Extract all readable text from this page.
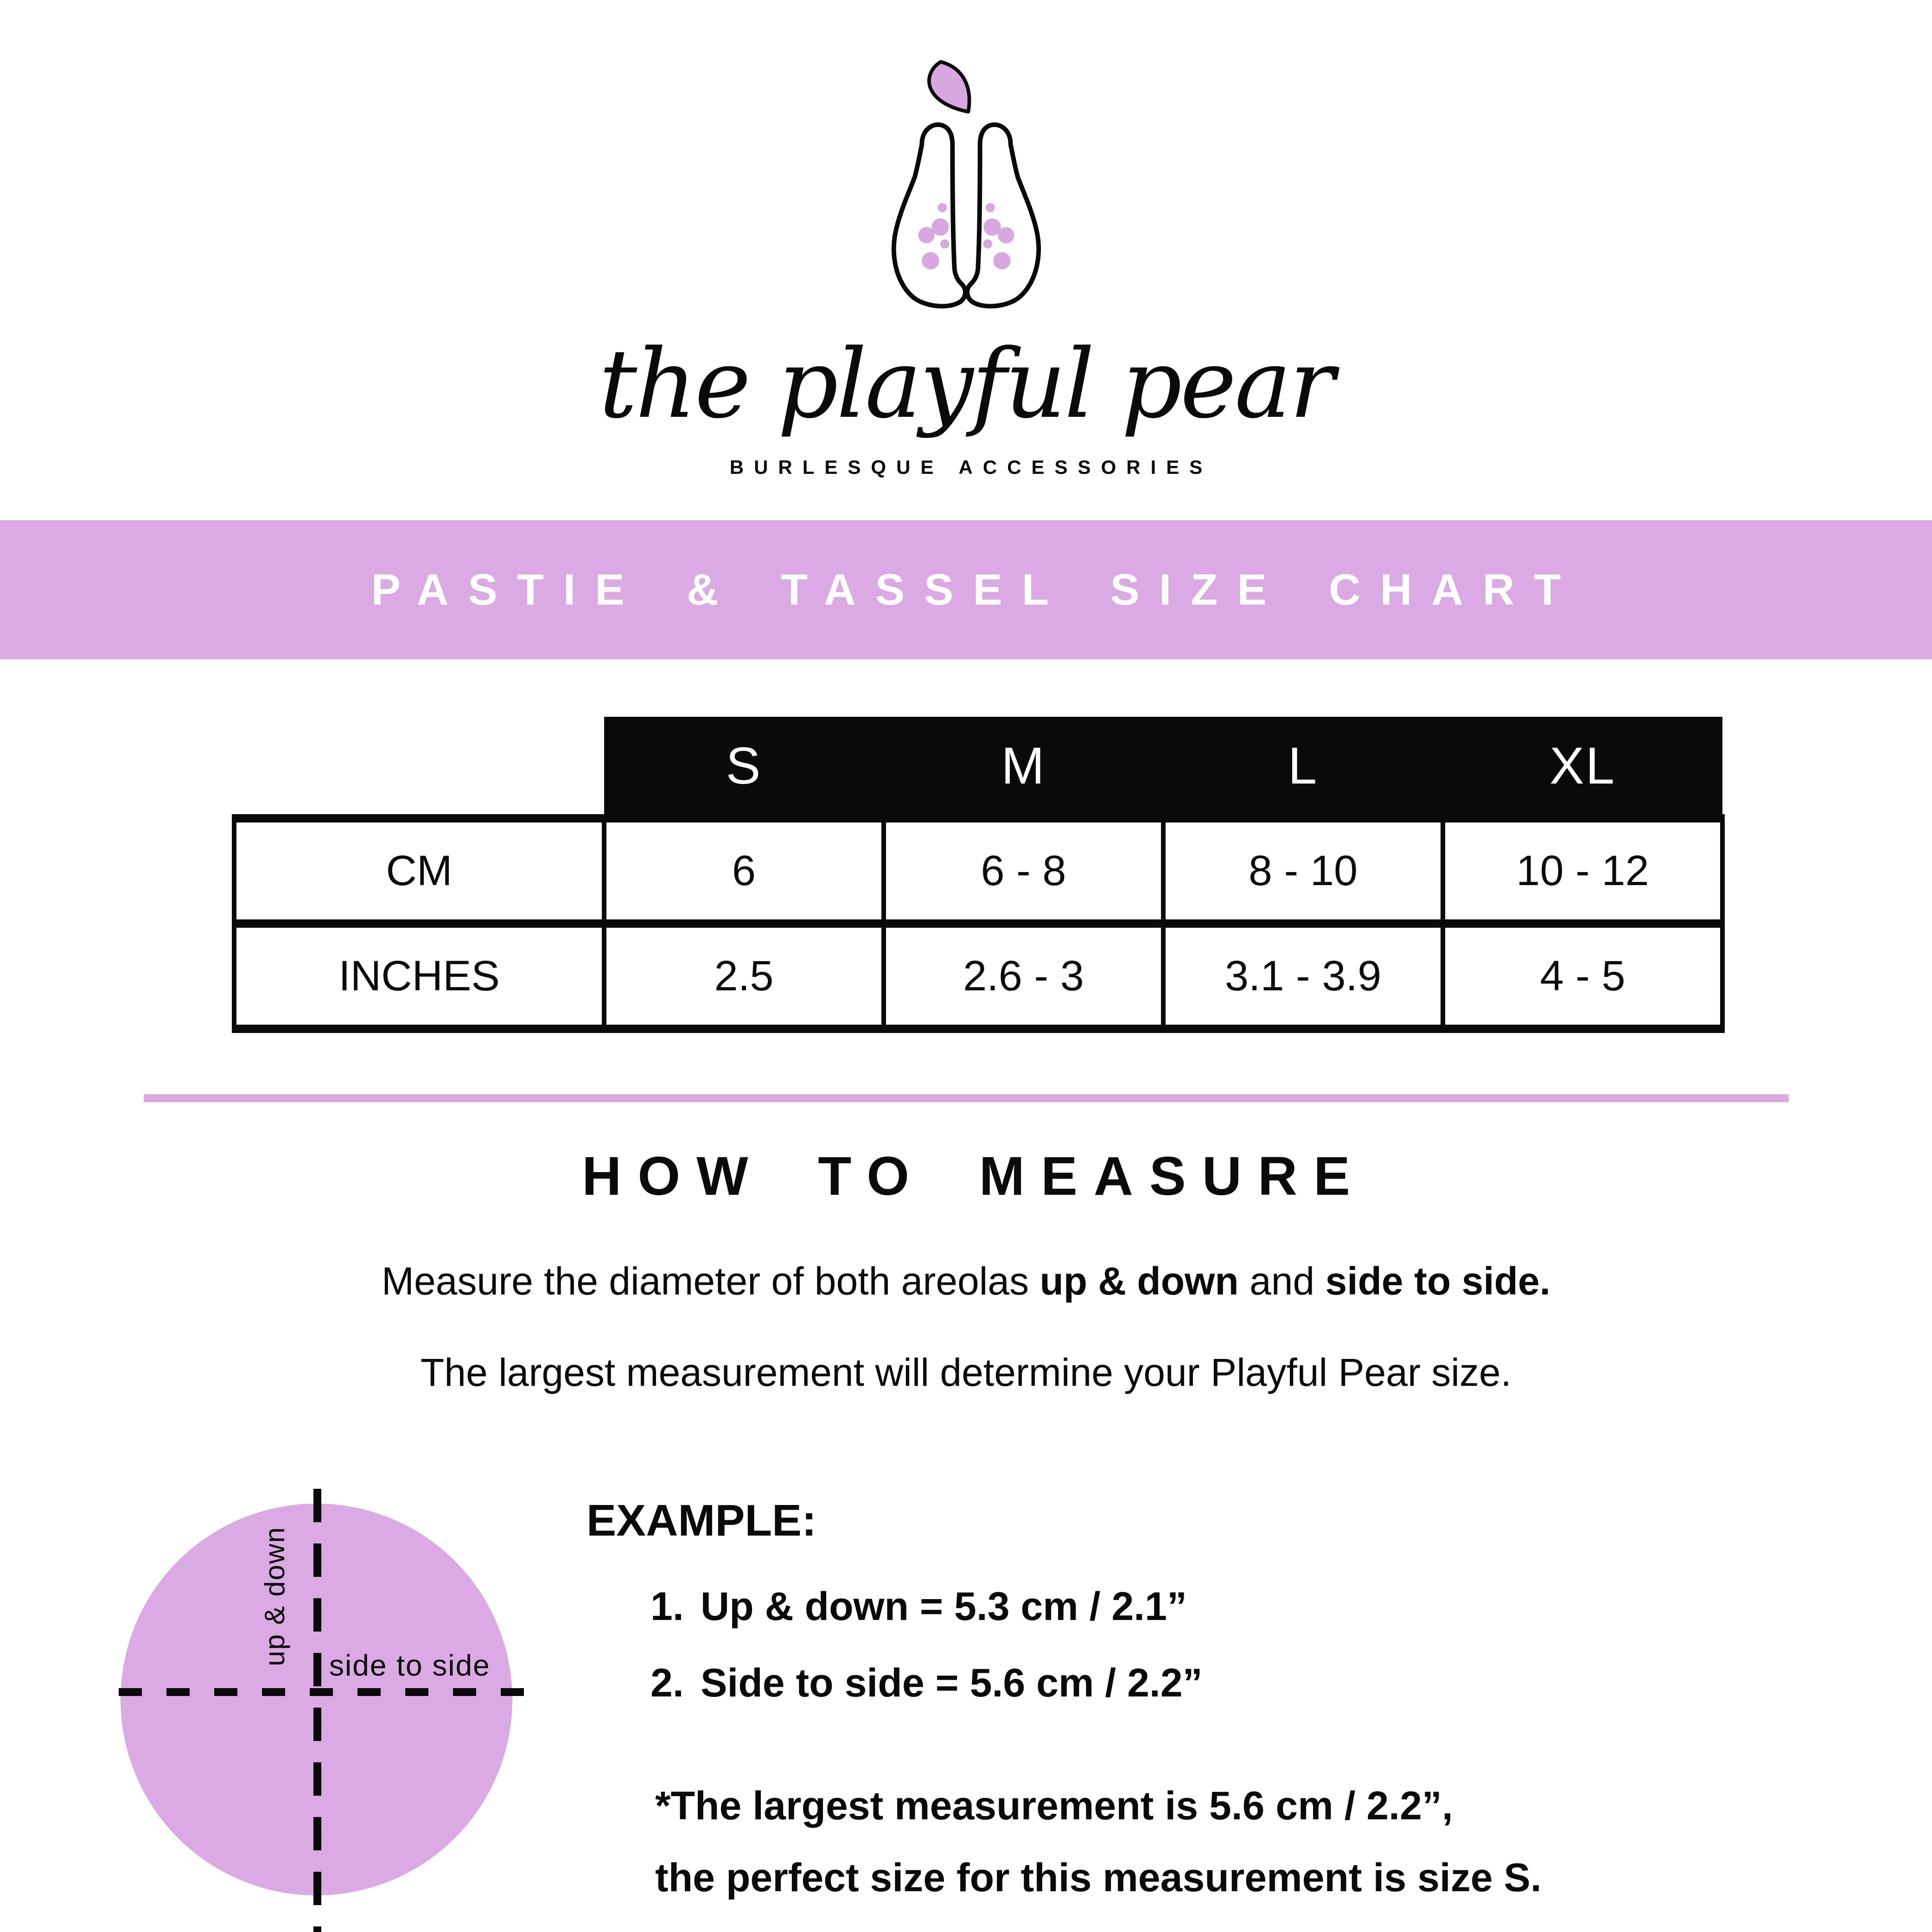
the playful pear
BURLESQUE ACCESSORIES
PASTIE & TASSEL SIZE CHART
	S	M	L	XL
CM	6	6 - 8	8 - 10	10 - 12
INCHES	2.5	2.6 - 3	3.1 - 3.9	4 - 5
HOW TO MEASURE

Measure the diameter of both areolas up & down and side to side.

The largest measurement will determine your Playful Pear size.

up & down side to side
EXAMPLE:
1. Up & down = 5.3 cm / 2.1”
2. Side to side = 5.6 cm / 2.2”
*The largest measurement is 5.6 cm / 2.2”,
the perfect size for this measurement is size S.
